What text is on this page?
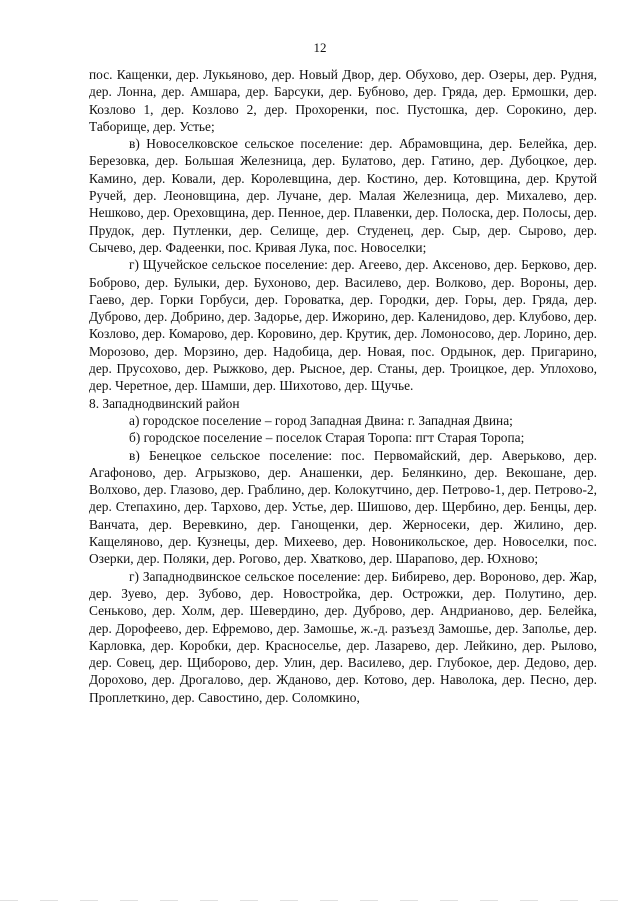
12

пос. Кащенки, дер. Лукьяново, дер. Новый Двор, дер. Обухово, дер. Озеры, дер. Рудня, дер. Лонна, дер. Амшара, дер. Барсуки, дер. Бубново, дер. Гряда, дер. Ермошки, дер. Козлово 1, дер. Козлово 2, дер. Прохоренки, пос. Пустошка, дер. Сорокино, дер. Таборище, дер. Устье;

в) Новоселковское сельское поселение: дер. Абрамовщина, дер. Белейка, дер. Березовка, дер. Большая Железница, дер. Булатово, дер. Гатино, дер. Дубоцкое, дер. Камино, дер. Ковали, дер. Королевщина, дер. Костино, дер. Котовщина, дер. Крутой Ручей, дер. Леоновщина, дер. Лучане, дер. Малая Железница, дер. Михалево, дер. Нешково, дер. Ореховщина, дер. Пенное, дер. Плавенки, дер. Полоска, дер. Полосы, дер. Прудок, дер. Путленки, дер. Селище, дер. Студенец, дер. Сыр, дер. Сырово, дер. Сычево, дер. Фадеенки, пос. Кривая Лука, пос. Новоселки;

г) Щучейское сельское поселение: дер. Агеево, дер. Аксеново, дер. Берково, дер. Боброво, дер. Булыки, дер. Бухоново, дер. Василево, дер. Волково, дер. Вороны, дер. Гаево, дер. Горки Горбуси, дер. Горoватка, дер. Городки, дер. Горы, дер. Гряда, дер. Дуброво, дер. Добрино, дер. Задорье, дер. Ижорино, дер. Каленидово, дер. Клубово, дер. Козлово, дер. Комарово, дер. Коровино, дер. Крутик, дер. Ломоносово, дер. Лорино, дер. Морозово, дер. Морзино, дер. Надобица, дер. Новая, пос. Ордынок, дер. Пригарино, дер. Прусохово, дер. Рыжково, дер. Рысное, дер. Станы, дер. Троицкое, дер. Уплохово, дер. Черетное, дер. Шамши, дер. Шихотово, дер. Щучье.

8. Западнодвинский район

а) городское поселение – город Западная Двина: г. Западная Двина;

б) городское поселение – поселок Старая Торопа: пгт Старая Торопа;

в) Бенецкое сельское поселение: пос. Первомайский, дер. Аверьково, дер. Агафоново, дер. Агрызково, дер. Анашенки, дер. Белянкино, дер. Векошане, дер. Волхово, дер. Глазово, дер. Граблино, дер. Колокутчино, дер. Петрово-1, дер. Петрово-2, дер. Степахино, дер. Тархово, дер. Устье, дер. Шишово, дер. Щербино, дер. Бенцы, дер. Ванчата, дер. Веревкино, дер. Ганощенки, дер. Жерносеки, дер. Жилино, дер. Кащеляново, дер. Кузнецы, дер. Михеево, дер. Новоникольское, дер. Новоселки, пос. Озерки, дер. Поляки, дер. Рогово, дер. Хватково, дер. Шарапово, дер. Юхново;

г) Западнодвинское сельское поселение: дер. Бибирево, дер. Вороново, дер. Жар, дер. Зуево, дер. Зубово, дер. Новостройка, дер. Острожки, дер. Полутино, дер. Сенькoво, дер. Холм, дер. Шевердино, дер. Дуброво, дер. Андрианово, дер. Белейка, дер. Дорофеево, дер. Ефремово, дер. Замошье, ж.-д. разъезд Замошье, дер. Заполье, дер. Карловка, дер. Коробки, дер. Красноселье, дер. Лазарево, дер. Лейкино, дер. Рылово, дер. Совец, дер. Щиборово, дер. Улин, дер. Василево, дер. Глубокое, дер. Дедово, дер. Дорохово, дер. Дрогалово, дер. Жданово, дер. Котово, дер. Наволока, дер. Песно, дер. Проплеткино, дер. Савостино, дер. Соломкино,
